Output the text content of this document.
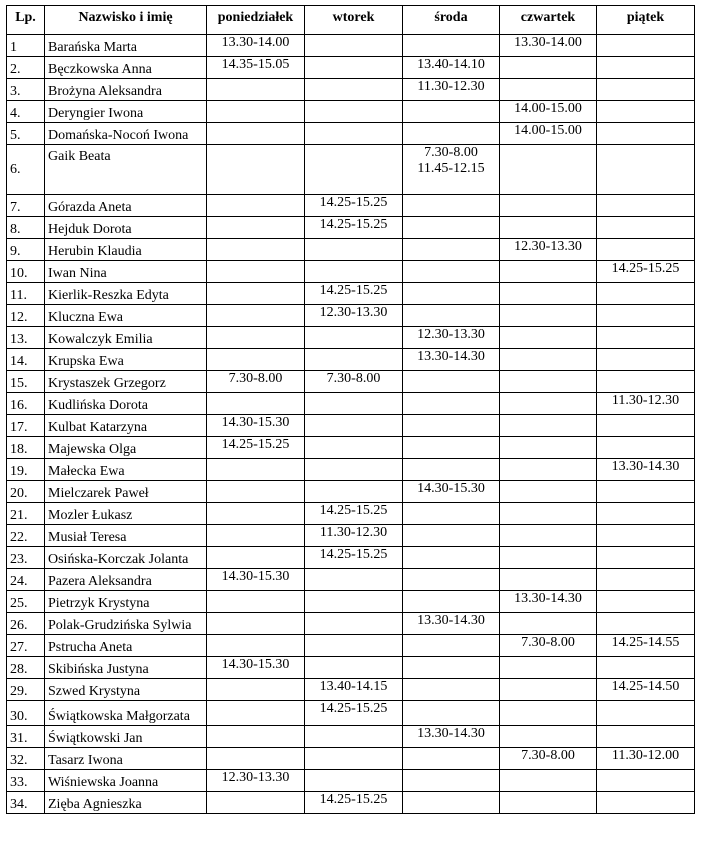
Lp.	Nazwisko i imię	poniedziałek	wtorek	środa	czwartek	piątek
1	Barańska Marta	13.30-14.00			13.30-14.00	
2.	Bęczkowska Anna	14.35-15.05		13.40-14.10		
3.	Brożyna Aleksandra			11.30-12.30		
4.	Deryngier Iwona				14.00-15.00	
5.	Domańska-Nocoń Iwona				14.00-15.00	
6.	Gaik Beata			7.30-8.00
11.45-12.15		
7.	Górazda Aneta		14.25-15.25			
8.	Hejduk Dorota		14.25-15.25			
9.	Herubin Klaudia				12.30-13.30	
10.	Iwan Nina					14.25-15.25
11.	Kierlik-Reszka Edyta		14.25-15.25			
12.	Kluczna Ewa		12.30-13.30			
13.	Kowalczyk Emilia			12.30-13.30		
14.	Krupska Ewa			13.30-14.30		
15.	Krystaszek Grzegorz	7.30-8.00	7.30-8.00			
16.	Kudlińska Dorota					11.30-12.30
17.	Kulbat Katarzyna	14.30-15.30				
18.	Majewska Olga	14.25-15.25				
19.	Małecka Ewa					13.30-14.30
20.	Mielczarek Paweł			14.30-15.30		
21.	Mozler Łukasz		14.25-15.25			
22.	Musiał Teresa		11.30-12.30			
23.	Osińska-Korczak Jolanta		14.25-15.25			
24.	Pazera Aleksandra	14.30-15.30				
25.	Pietrzyk Krystyna				13.30-14.30	
26.	Polak-Grudzińska Sylwia			13.30-14.30		
27.	Pstrucha Aneta				7.30-8.00	14.25-14.55
28.	Skibińska Justyna	14.30-15.30				
29.	Szwed Krystyna		13.40-14.15			14.25-14.50
30.	Świątkowska Małgorzata		14.25-15.25			
31.	Świątkowski Jan			13.30-14.30		
32.	Tasarz Iwona				7.30-8.00	11.30-12.00
33.	Wiśniewska Joanna	12.30-13.30				
34.	Zięba Agnieszka		14.25-15.25			
